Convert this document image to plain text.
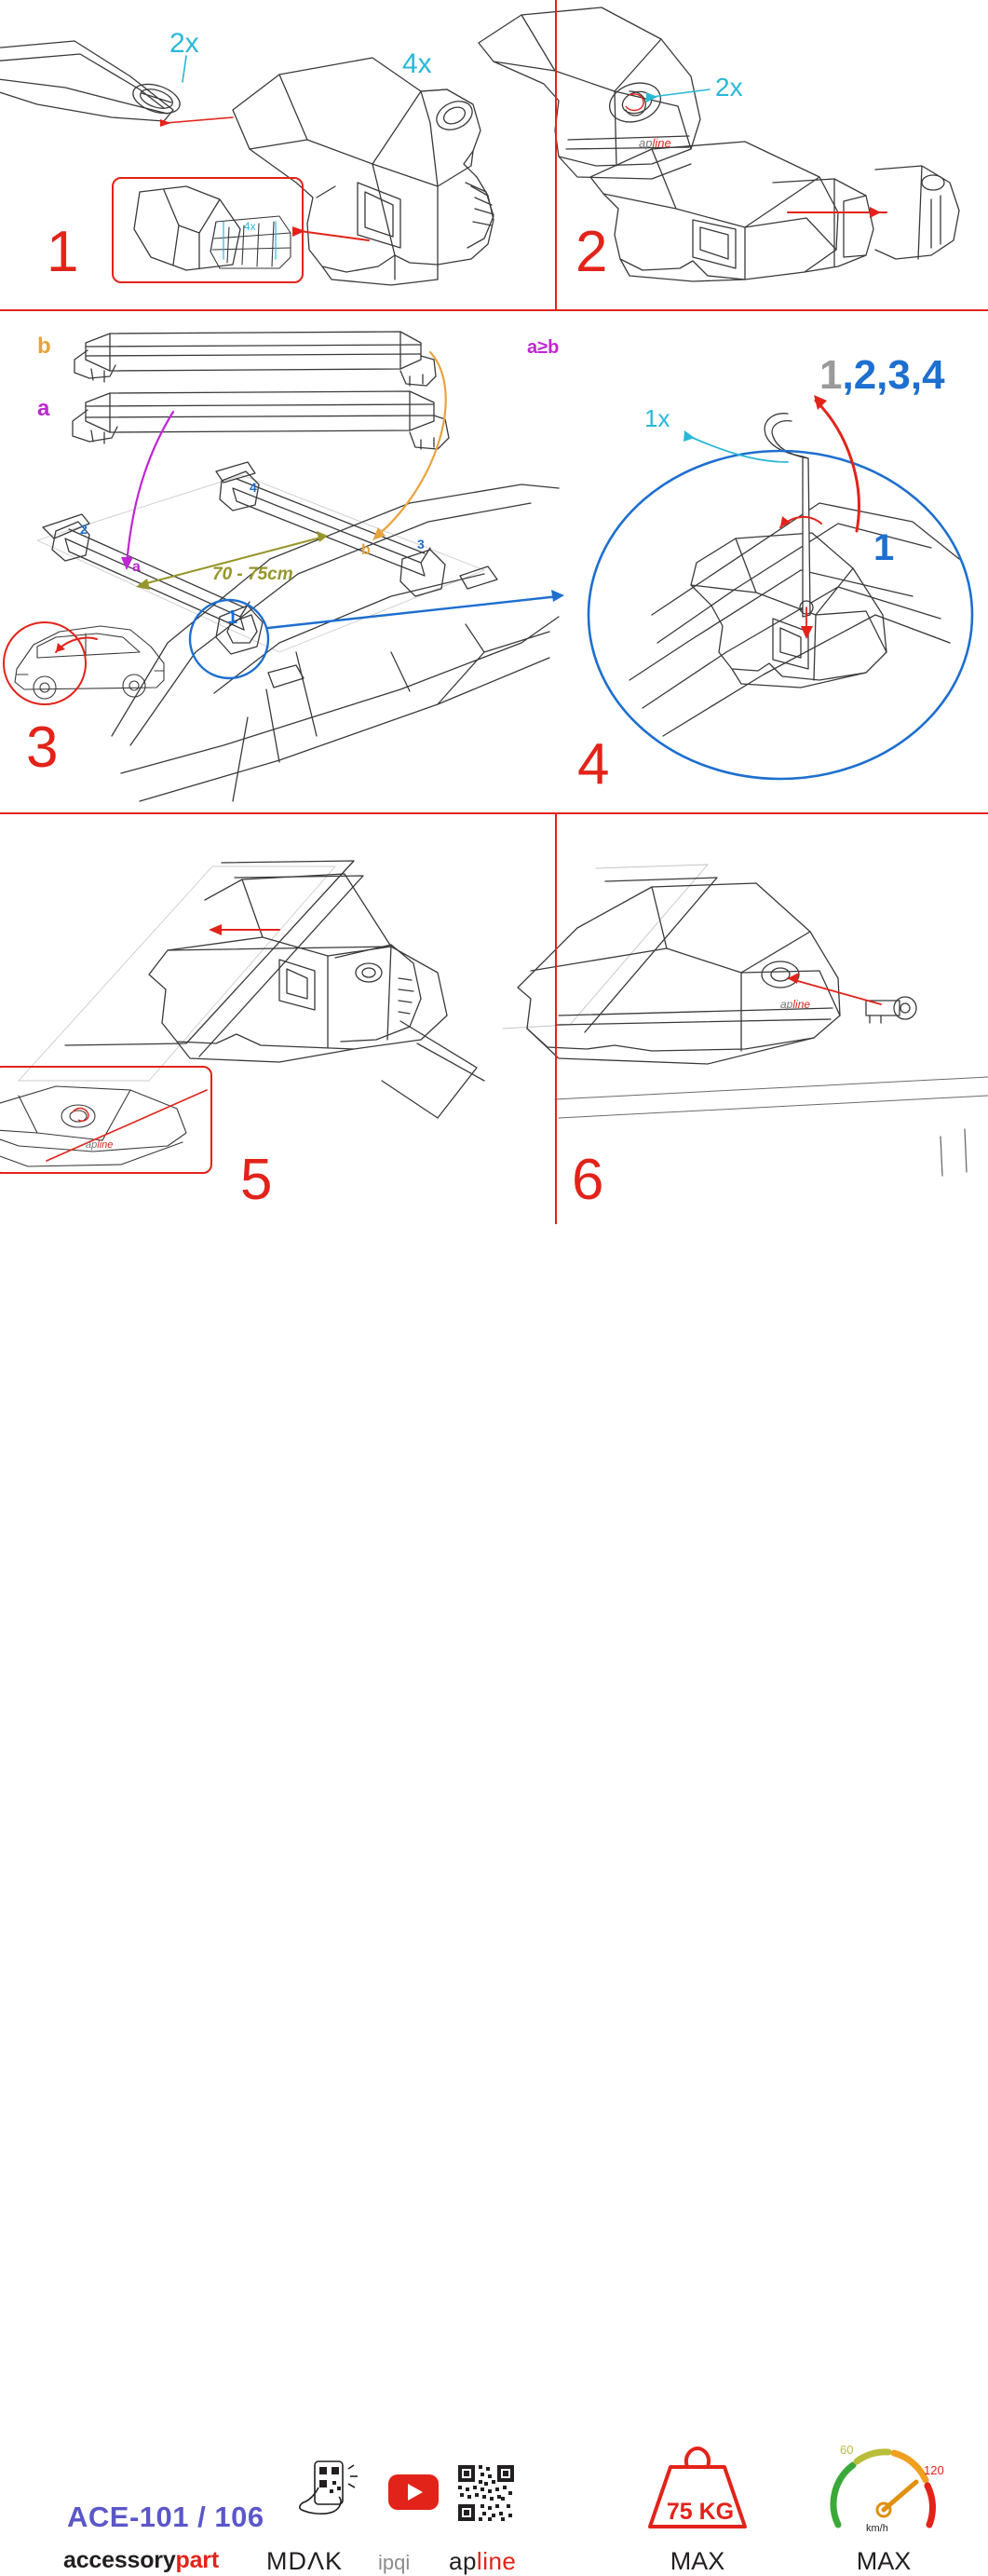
apline
apline
apline
1	2
3	4
5	6
2x
4x
4x
2x
b
a
a
b
70 - 75cm
1
2
3
4
a≥b
1x
1,2,3,4
1
ACE-101 / 106
accessorypart MDΛK ipqi apline
75 KG
MAX
60
120
km/h
MAX
